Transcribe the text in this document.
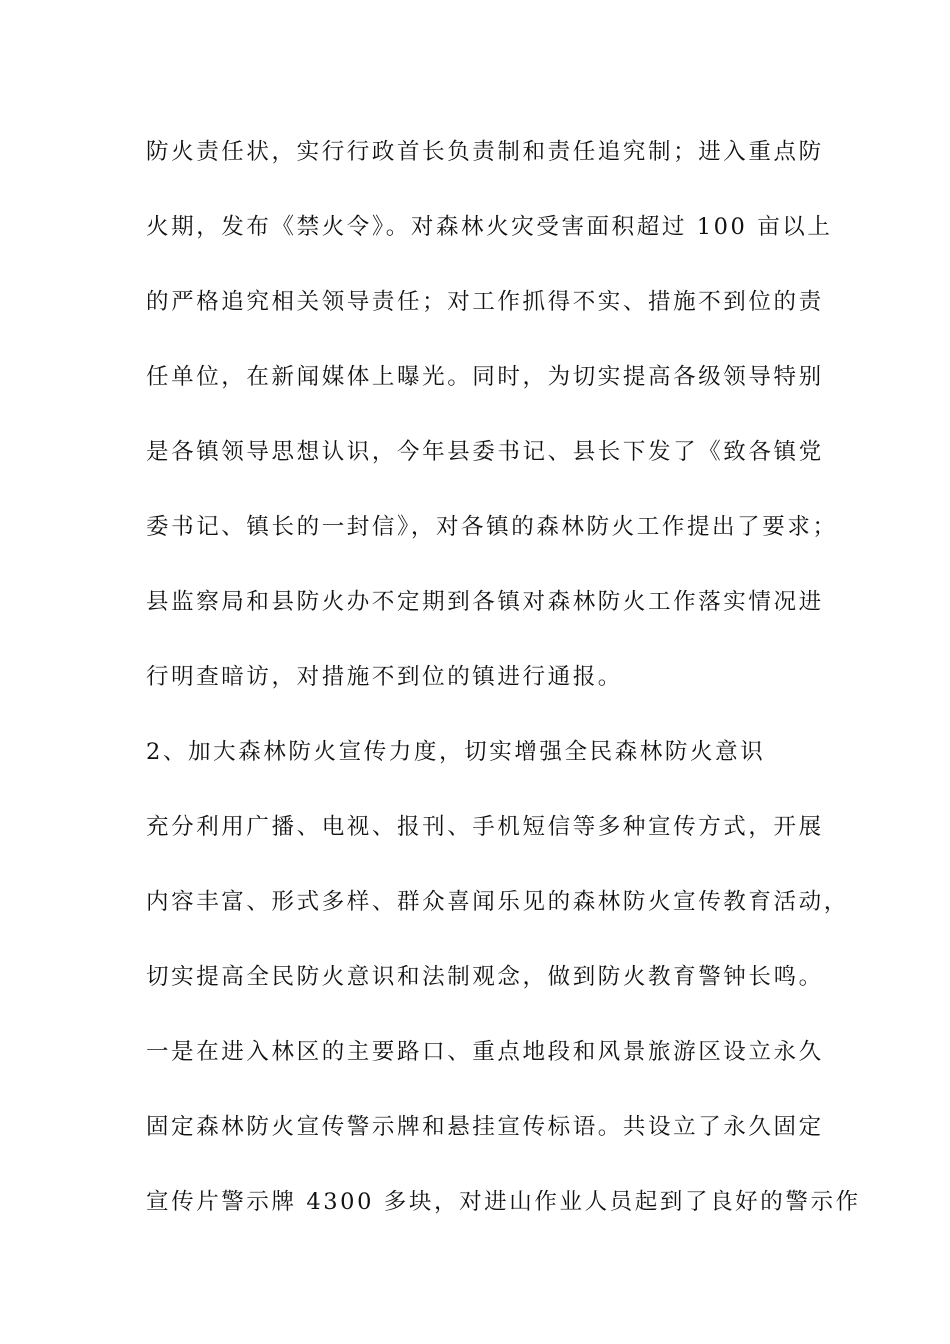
防火责任状，实行行政首长负责制和责任追究制；进入重点防
火期，发布《禁火令》。对森林火灾受害面积超过 100 亩以上
的严格追究相关领导责任；对工作抓得不实、措施不到位的责
任单位，在新闻媒体上曝光。同时，为切实提高各级领导特别
是各镇领导思想认识，今年县委书记、县长下发了《致各镇党
委书记、镇长的一封信》，对各镇的森林防火工作提出了要求；
县监察局和县防火办不定期到各镇对森林防火工作落实情况进
行明查暗访，对措施不到位的镇进行通报。
2、加大森林防火宣传力度，切实增强全民森林防火意识
充分利用广播、电视、报刊、手机短信等多种宣传方式，开展
内容丰富、形式多样、群众喜闻乐见的森林防火宣传教育活动，
切实提高全民防火意识和法制观念，做到防火教育警钟长鸣。
一是在进入林区的主要路口、重点地段和风景旅游区设立永久
固定森林防火宣传警示牌和悬挂宣传标语。共设立了永久固定
宣传片警示牌 4300 多块，对进山作业人员起到了良好的警示作
